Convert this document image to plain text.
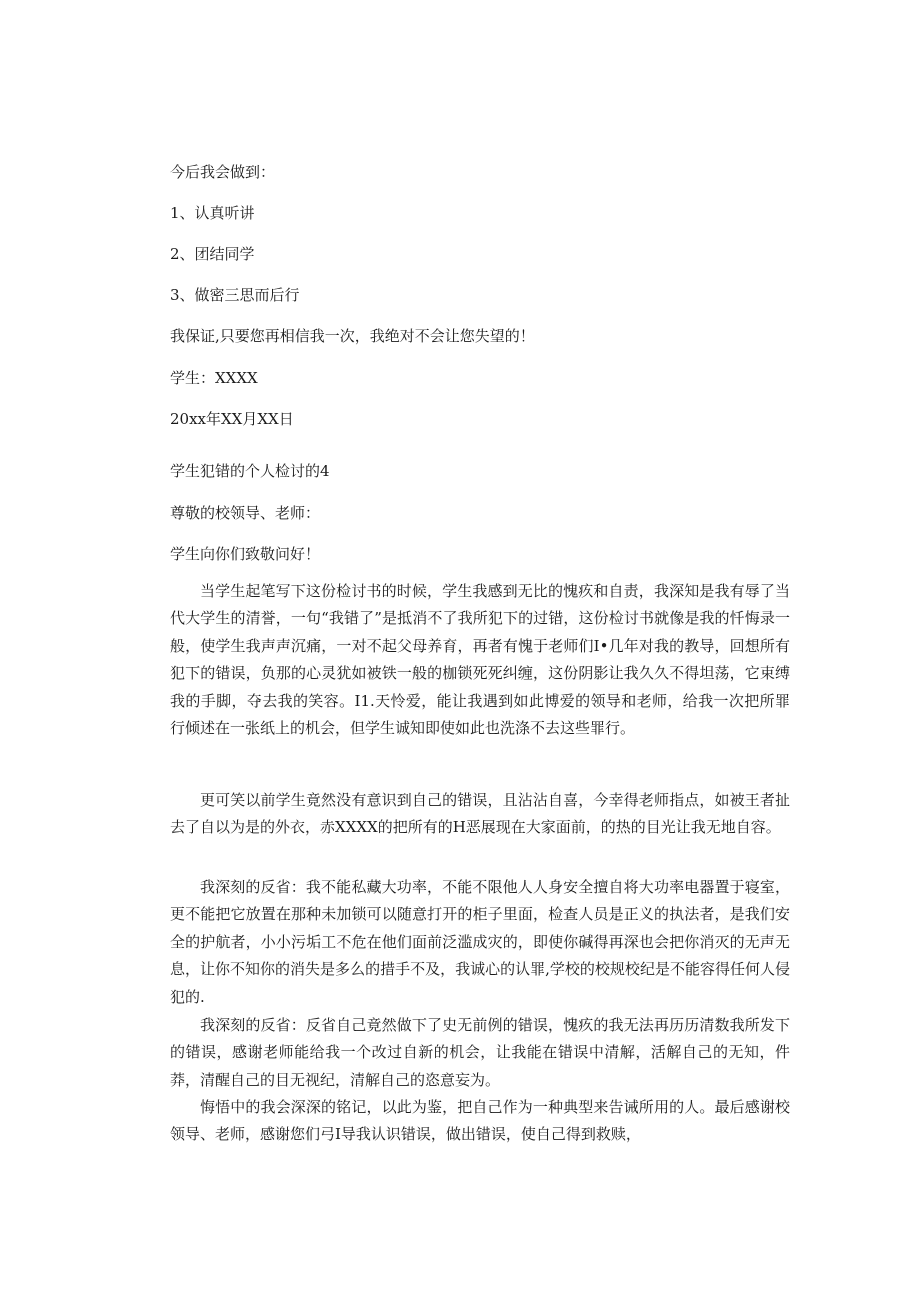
今后我会做到：

1、认真听讲

2、团结同学

3、做密三思而后行

我保证,只要您再相信我一次，我绝对不会让您失望的！

学生：XXXX

20xx年XX月XX日

学生犯错的个人检讨的4

尊敬的校领导、老师：

学生向你们致敬问好！

当学生起笔写下这份检讨书的时候，学生我感到无比的愧疚和自责，我深知是我有辱了当代大学生的清誉，一句“我错了”是抵消不了我所犯下的过错，这份检讨书就像是我的忏悔录一般，使学生我声声沉痛，一对不起父母养育，再者有愧于老师们I•几年对我的教导，回想所有犯下的错误，负那的心灵犹如被铁一般的枷锁死死纠缠，这份阴影让我久久不得坦荡，它束缚我的手脚，夺去我的笑容。I1.天怜爱，能让我遇到如此博爱的领导和老师，给我一次把所罪行倾述在一张纸上的机会，但学生诚知即使如此也洗涤不去这些罪行。

更可笑以前学生竟然没有意识到自己的错误，且沾沾自喜，今幸得老师指点，如被王者扯去了自以为是的外衣，赤XXXX的把所有的H恶展现在大家面前，的热的目光让我无地自容。

我深刻的反省：我不能私藏大功率，不能不限他人人身安全擅自将大功率电器置于寝室，更不能把它放置在那种未加锁可以随意打开的柜子里面，检查人员是正义的执法者，是我们安全的护航者，小小污垢工不危在他们面前泛滥成灾的，即使你碱得再深也会把你消灭的无声无息，让你不知你的消失是多么的措手不及，我诚心的认罪,学校的校规校纪是不能容得任何人侵犯的.

我深刻的反省：反省自己竟然做下了史无前例的错误，愧疚的我无法再历历清数我所发下的错误，感谢老师能给我一个改过自新的机会，让我能在错误中清解，活解自己的无知，件莽，清醒自己的目无视纪，清解自己的恣意妄为。

悔悟中的我会深深的铭记，以此为鉴，把自己作为一种典型来告诫所用的人。最后感谢校领导、老师，感谢您们弓I导我认识错误，做出错误，使自己得到救赎，
